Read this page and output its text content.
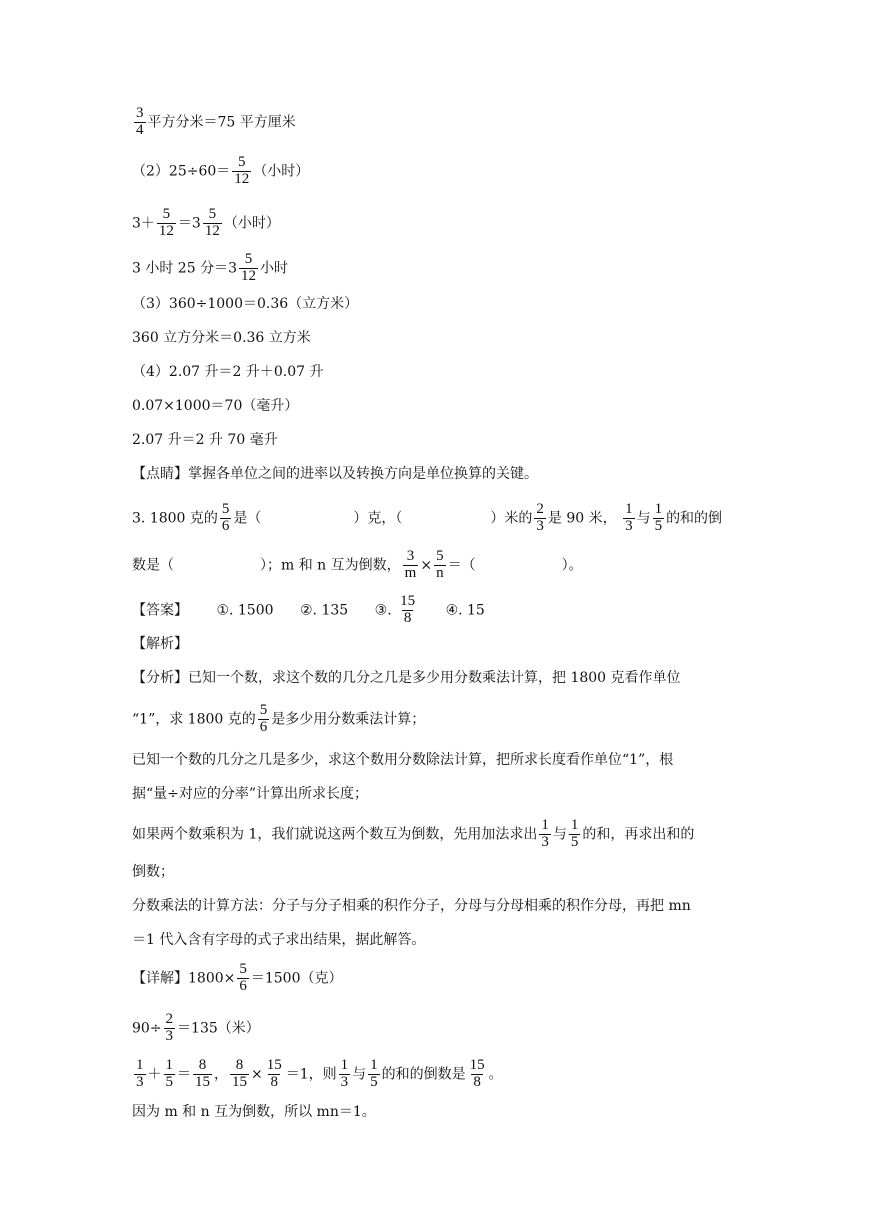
$\frac{3}{4}$ 平方分米＝75 平方厘米
$(2)25\div 60= \frac{5}{12}$ （小时）
$3+ \frac{5}{12} =3 \frac{5}{12}$ （小时）
3 小时 25 分$=3 \frac{5}{12}$ 小时
（3）360÷1000＝0.36（立方米）
360 立方分米＝0.36 立方米
（4）2.07 升＝2 升＋0.07 升
0.07×1000＝70（毫升）
2.07 升＝2 升 70 毫升
【点睛】掌握各单位之间的进率以及转换方向是单位换算的关键。
3. 1800 克的 $\frac{5}{6}$ 是（	）克，（	）米的 $\frac{2}{3}$ 是 90 米， $\frac{1}{3}$ 与 $\frac{1}{5}$ 的和的倒
数是（	）；m 和 n 互为倒数， $\frac{3}{m} \times \frac{5}{n}$ ＝（	）。
【答案】 ①. 1500 ②. 135 ③. $\frac{15}{8}$ ④. 15
【解析】
【分析】已知一个数，求这个数的几分之几是多少用分数乘法计算，把 1800 克看作单位
“1”，求 1800 克的 $\frac{5}{6}$ 是多少用分数乘法计算；
已知一个数的几分之几是多少，求这个数用分数除法计算，把所求长度看作单位“1”，根
据“量÷对应的分率”计算出所求长度；
如果两个数乘积为 1，我们就说这两个数互为倒数，先用加法求出 $\frac{1}{3}$ 与 $\frac{1}{5}$ 的和，再求出和的
倒数；
分数乘法的计算方法：分子与分子相乘的积作分子，分母与分母相乘的积作分母，再把 mn
＝1 代入含有字母的式子求出结果，据此解答。
【详解】$1800\times \frac{5}{6} =1500$（克）
$90\div \frac{2}{3} =135$（米）
$\frac{1}{3} + \frac{1}{5} = \frac{8}{15}$ ， $\frac{8}{15} \times \frac{15}{8} =1$，则 $\frac{1}{3}$ 与 $\frac{1}{5}$ 的和的倒数是 $\frac{15}{8}$ 。
因为 m 和 n 互为倒数，所以 mn＝1。
